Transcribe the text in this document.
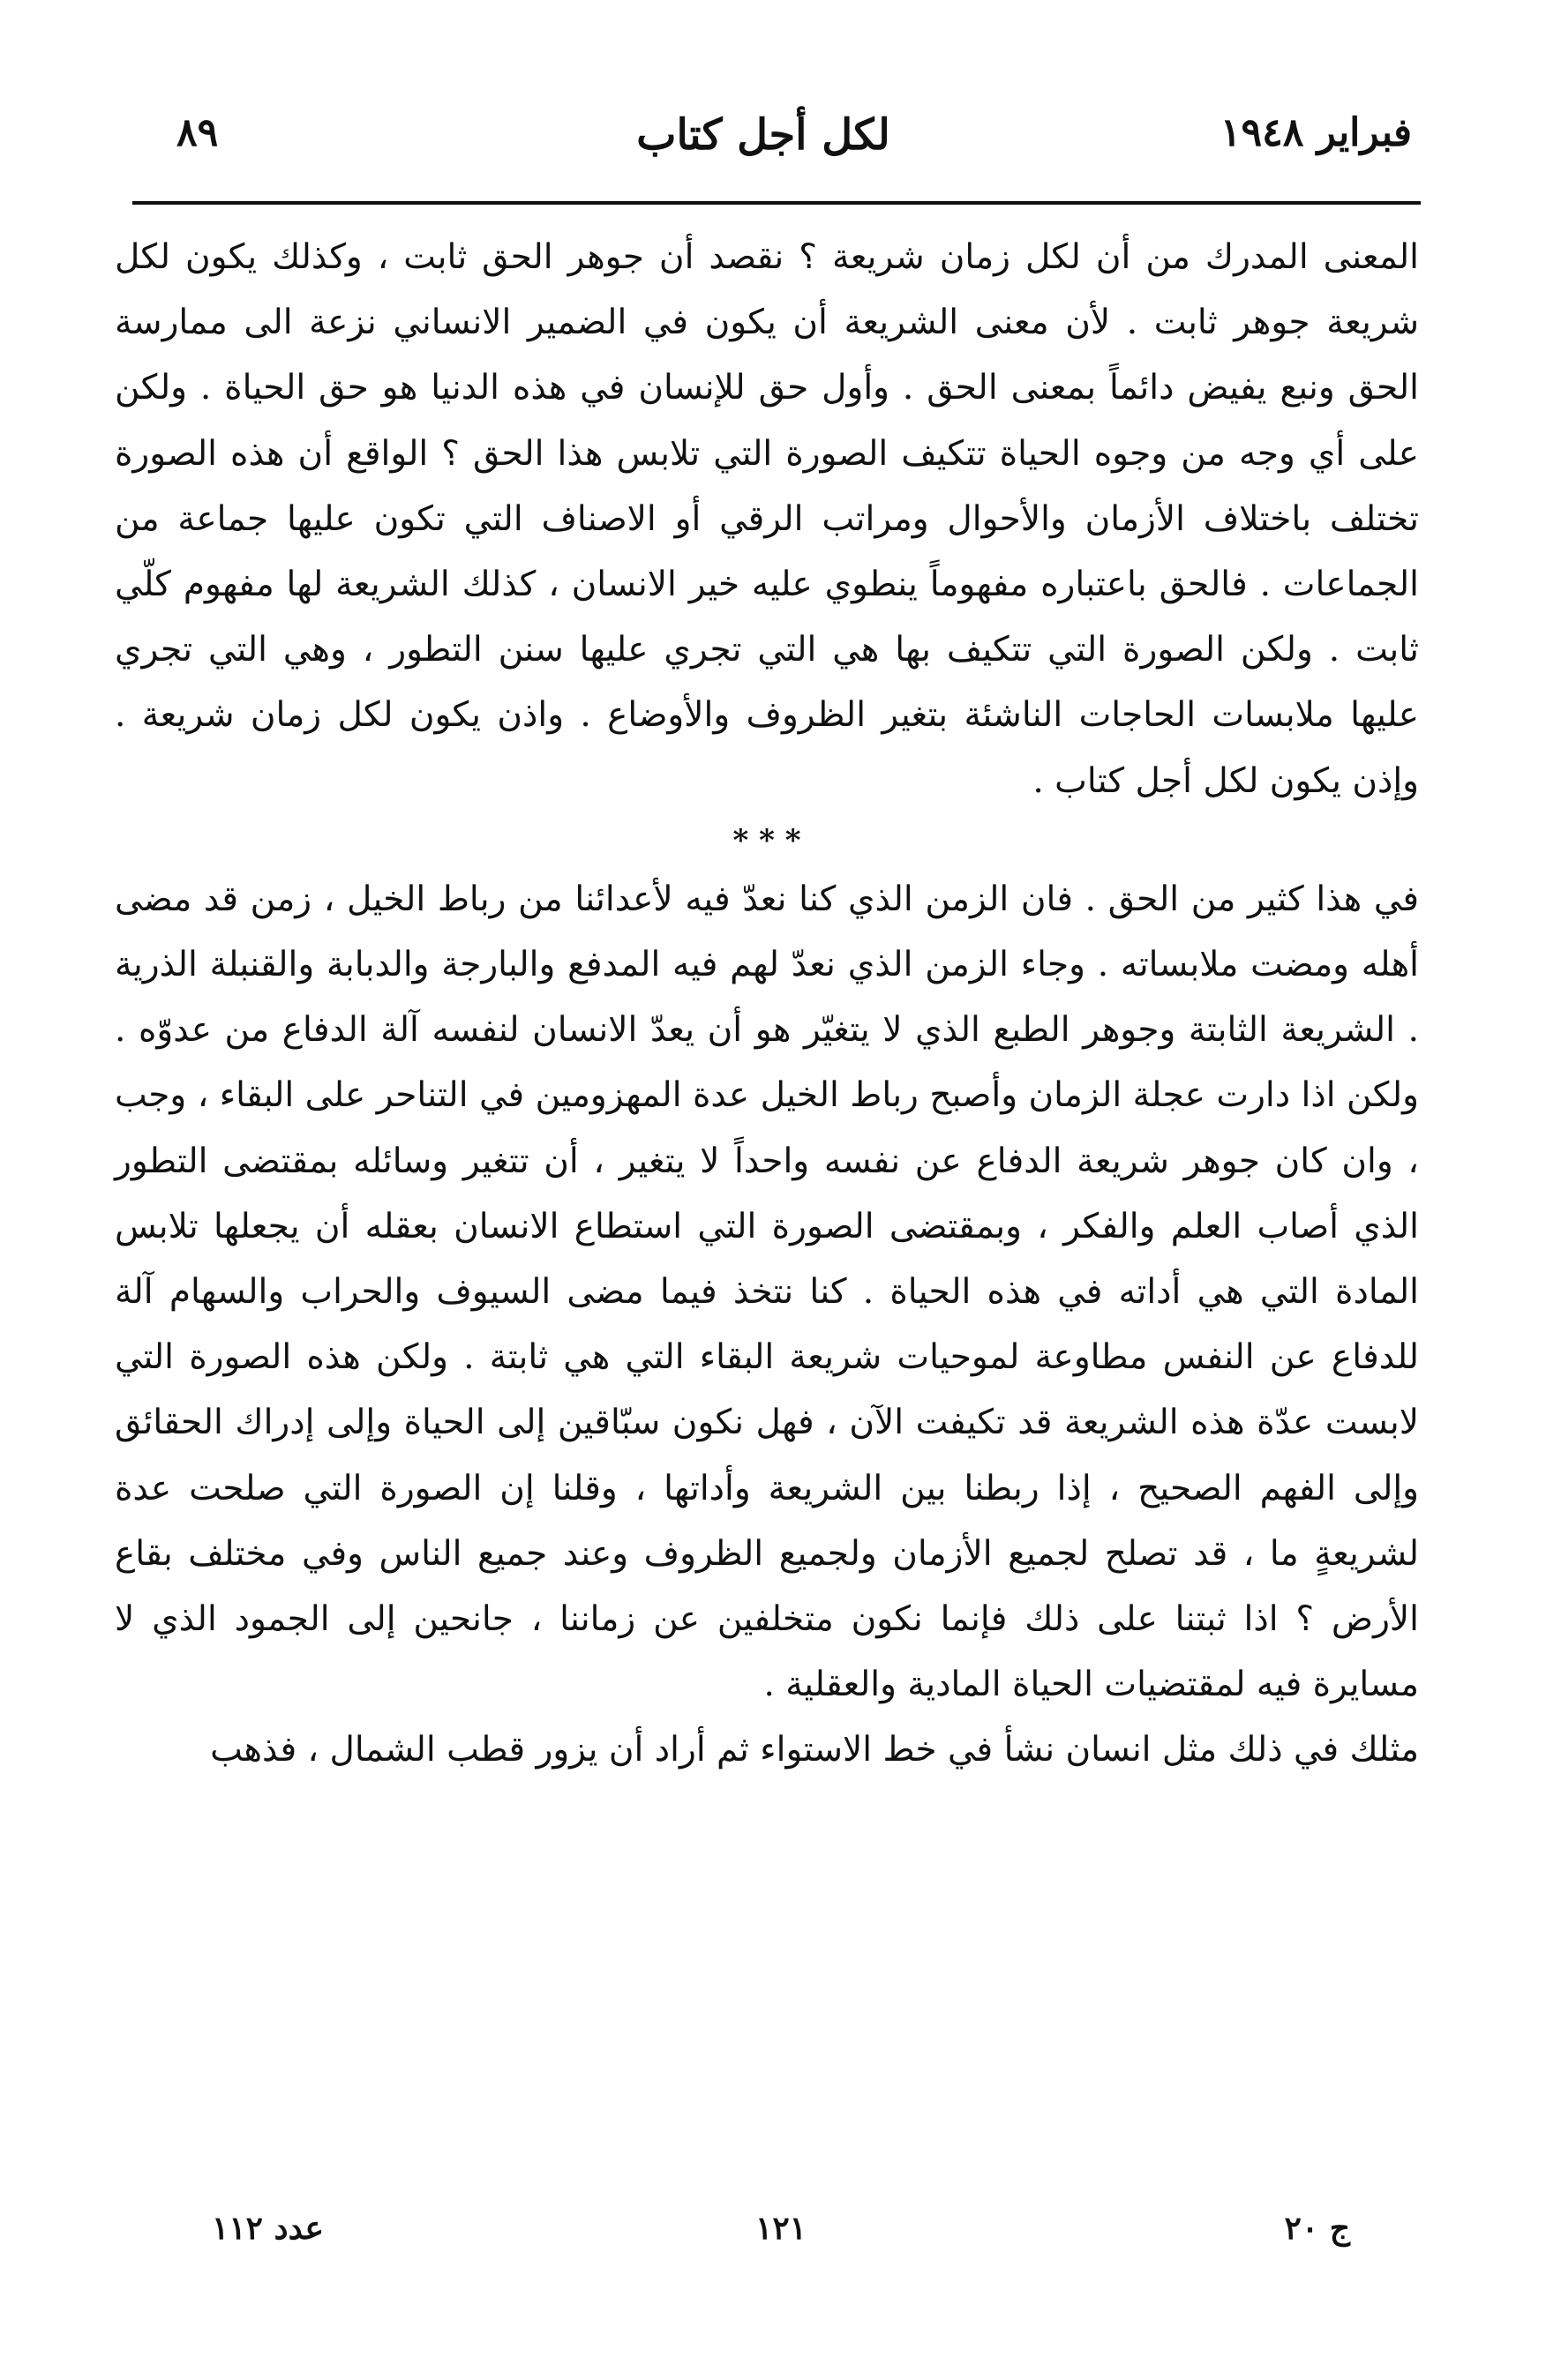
فبراير ١٩٤٨
لكل أجل كتاب
٨٩

المعنى المدرك من أن لكل زمان شريعة ؟ نقصد أن جوهر الحق ثابت ، وكذلك يكون لكل شريعة جوهر ثابت . لأن معنى الشريعة أن يكون في الضمير الانساني نزعة الى ممارسة الحق ونبع يفيض دائماً بمعنى الحق . وأول حق للإنسان في هذه الدنيا هو حق الحياة . ولكن على أي وجه من وجوه الحياة تتكيف الصورة التي تلابس هذا الحق ؟ الواقع أن هذه الصورة تختلف باختلاف الأزمان والأحوال ومراتب الرقي أو الاصناف التي تكون عليها جماعة من الجماعات . فالحق باعتباره مفهوماً ينطوي عليه خير الانسان ، كذلك الشريعة لها مفهوم كلّي ثابت . ولكن الصورة التي تتكيف بها هي التي تجري عليها سنن التطور ، وهي التي تجري عليها ملابسات الحاجات الناشئة بتغير الظروف والأوضاع . واذن يكون لكل زمان شريعة . وإذن يكون لكل أجل كتاب .

* * *

في هذا كثير من الحق . فان الزمن الذي كنا نعدّ فيه لأعدائنا من رباط الخيل ، زمن قد مضى أهله ومضت ملابساته . وجاء الزمن الذي نعدّ لهم فيه المدفع والبارجة والدبابة والقنبلة الذرية . الشريعة الثابتة وجوهر الطبع الذي لا يتغيّر هو أن يعدّ الانسان لنفسه آلة الدفاع من عدوّه . ولكن اذا دارت عجلة الزمان وأصبح رباط الخيل عدة المهزومين في التناحر على البقاء ، وجب ، وان كان جوهر شريعة الدفاع عن نفسه واحداً لا يتغير ، أن تتغير وسائله بمقتضى التطور الذي أصاب العلم والفكر ، وبمقتضى الصورة التي استطاع الانسان بعقله أن يجعلها تلابس المادة التي هي أداته في هذه الحياة . كنا نتخذ فيما مضى السيوف والحراب والسهام آلة للدفاع عن النفس مطاوعة لموحيات شريعة البقاء التي هي ثابتة . ولكن هذه الصورة التي لابست عدّة هذه الشريعة قد تكيفت الآن ، فهل نكون سبّاقين إلى الحياة وإلى إدراك الحقائق وإلى الفهم الصحيح ، إذا ربطنا بين الشريعة وأداتها ، وقلنا إن الصورة التي صلحت عدة لشريعةٍ ما ، قد تصلح لجميع الأزمان ولجميع الظروف وعند جميع الناس وفي مختلف بقاع الأرض ؟ اذا ثبتنا على ذلك فإنما نكون متخلفين عن زماننا ، جانحين إلى الجمود الذي لا مسايرة فيه لمقتضيات الحياة المادية والعقلية .

مثلك في ذلك مثل انسان نشأ في خط الاستواء ثم أراد أن يزور قطب الشمال ، فذهب

ج ٢٠
١٢١
عدد ١١٢
